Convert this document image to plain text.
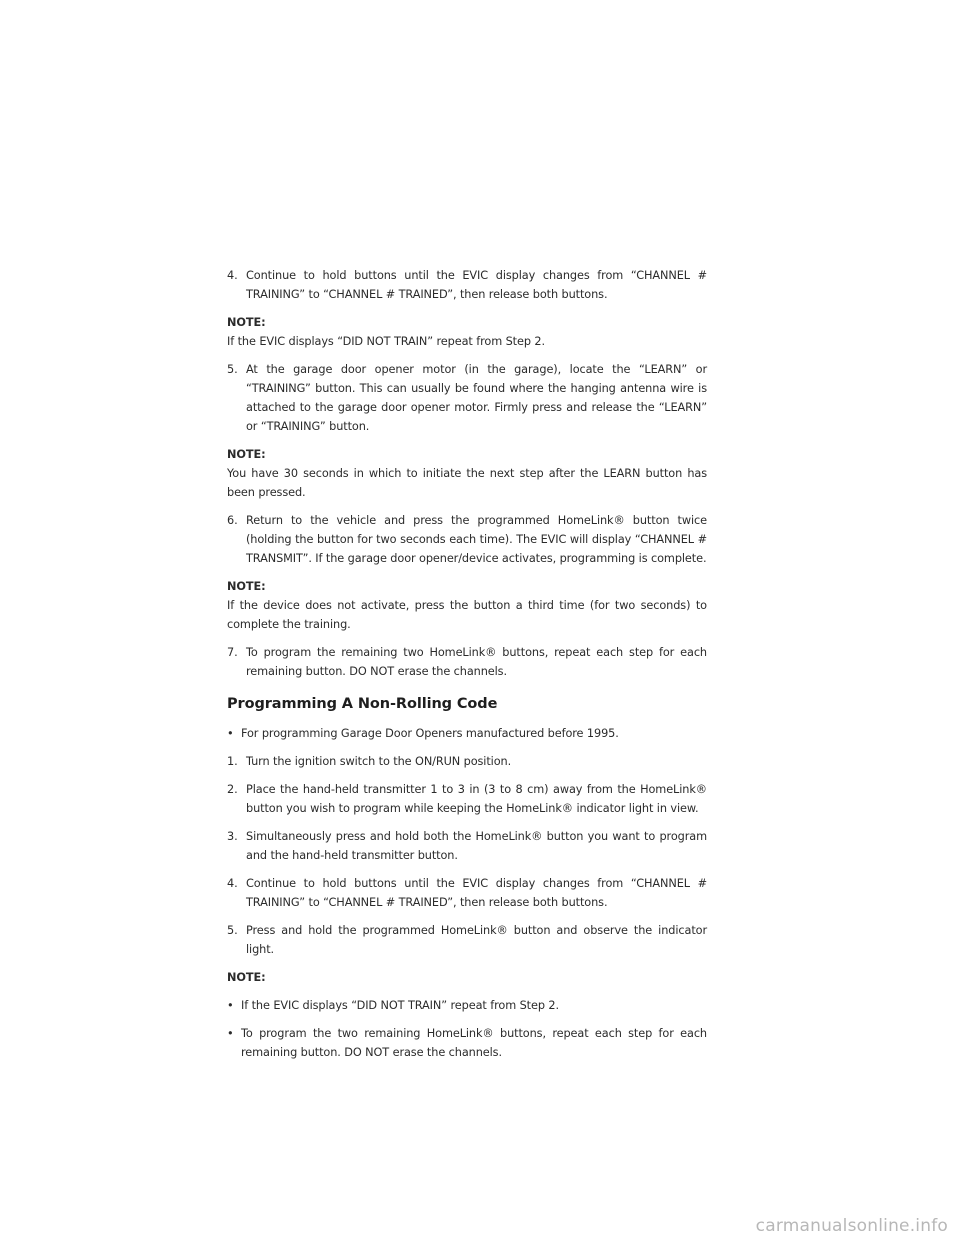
4. Continue to hold buttons until the EVIC display changes from “CHANNEL # TRAINING” to “CHANNEL # TRAINED”, then release both buttons.

NOTE:

If the EVIC displays “DID NOT TRAIN” repeat from Step 2.

5. At the garage door opener motor (in the garage), locate the “LEARN” or “TRAINING” button. This can usually be found where the hanging antenna wire is attached to the garage door opener motor. Firmly press and release the “LEARN” or “TRAINING” button.

NOTE:

You have 30 seconds in which to initiate the next step after the LEARN button has been pressed.

6. Return to the vehicle and press the programmed HomeLink® button twice (holding the button for two seconds each time). The EVIC will display “CHANNEL # TRANSMIT”. If the garage door opener/device activates, programming is complete.

NOTE:

If the device does not activate, press the button a third time (for two seconds) to complete the training.

7. To program the remaining two HomeLink® buttons, repeat each step for each remaining button. DO NOT erase the channels.

Programming A Non-Rolling Code

• For programming Garage Door Openers manufactured before 1995.

1. Turn the ignition switch to the ON/RUN position.

2. Place the hand-held transmitter 1 to 3 in (3 to 8 cm) away from the HomeLink® button you wish to program while keeping the HomeLink® indicator light in view.

3. Simultaneously press and hold both the HomeLink® button you want to program and the hand-held transmitter button.

4. Continue to hold buttons until the EVIC display changes from “CHANNEL # TRAINING” to “CHANNEL # TRAINED”, then release both buttons.

5. Press and hold the programmed HomeLink® button and observe the indicator light.

NOTE:

• If the EVIC displays “DID NOT TRAIN” repeat from Step 2.

• To program the two remaining HomeLink® buttons, repeat each step for each remaining button. DO NOT erase the channels.

carmanualsonline.info
